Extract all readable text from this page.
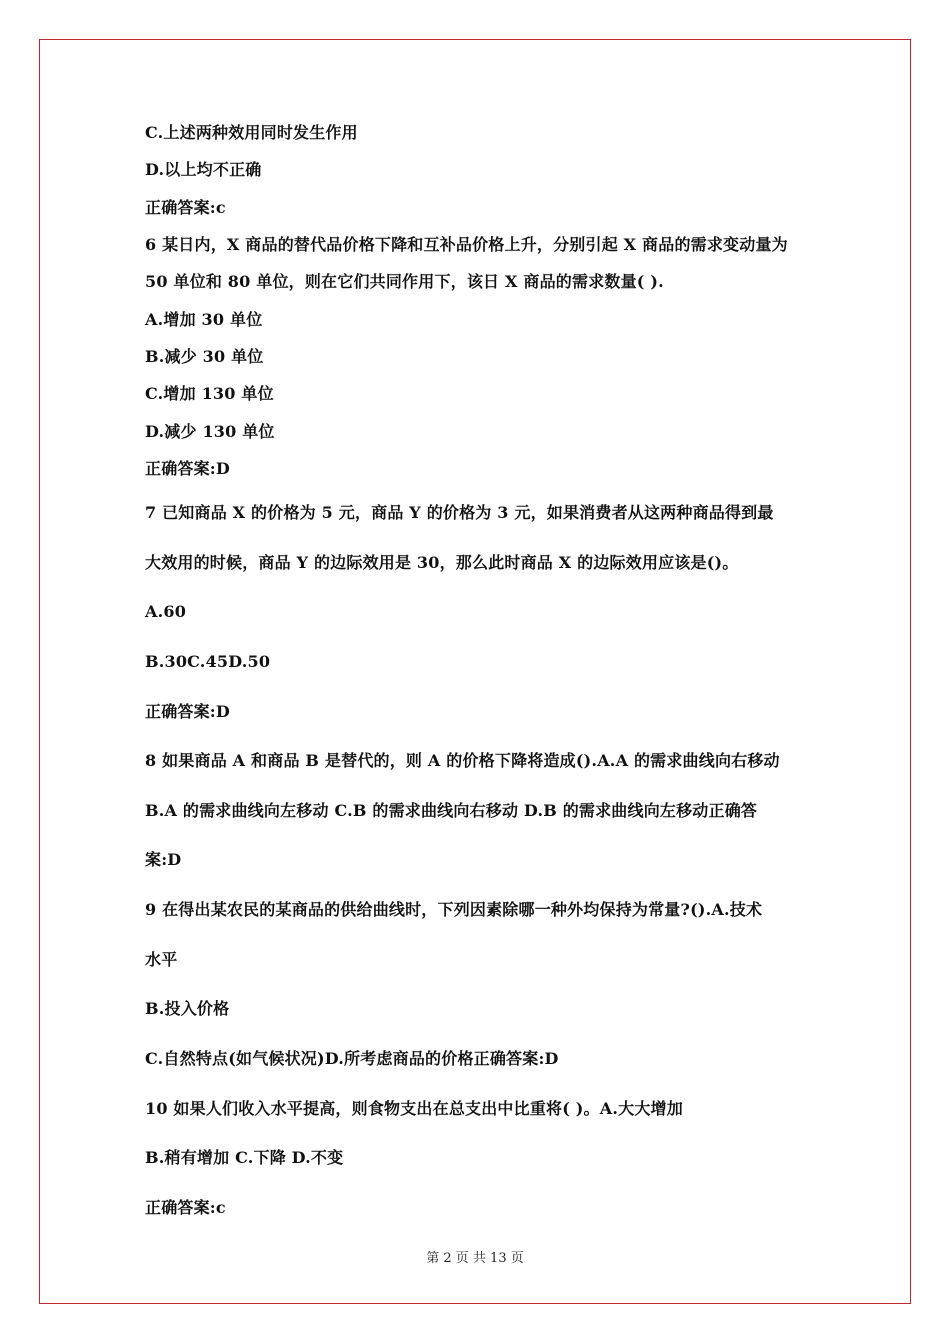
C.上述两种效用同时发生作用
D.以上均不正确
正确答案:c
6 某日内，X 商品的替代品价格下降和互补品价格上升，分别引起 X 商品的需求变动量为
50 单位和 80 单位，则在它们共同作用下，该日 X 商品的需求数量( ).
A.增加 30 单位
B.减少 30 单位
C.增加 130 单位
D.减少 130 单位
正确答案:D
7 已知商品 X 的价格为 5 元，商品 Y 的价格为 3 元，如果消费者从这两种商品得到最
大效用的时候，商品 Y 的边际效用是 30，那么此时商品 X 的边际效用应该是()。
A.60
B.30C.45D.50
正确答案:D
8 如果商品 A 和商品 B 是替代的，则 A 的价格下降将造成().A.A 的需求曲线向右移动
B.A 的需求曲线向左移动 C.B 的需求曲线向右移动 D.B 的需求曲线向左移动正确答
案:D
9 在得出某农民的某商品的供给曲线时，下列因素除哪一种外均保持为常量?().A.技术
水平
B.投入价格
C.自然特点(如气候状况)D.所考虑商品的价格正确答案:D
10 如果人们收入水平提高，则食物支出在总支出中比重将( )。A.大大增加
B.稍有增加 C.下降 D.不变
正确答案:c
第 2 页 共 13 页
